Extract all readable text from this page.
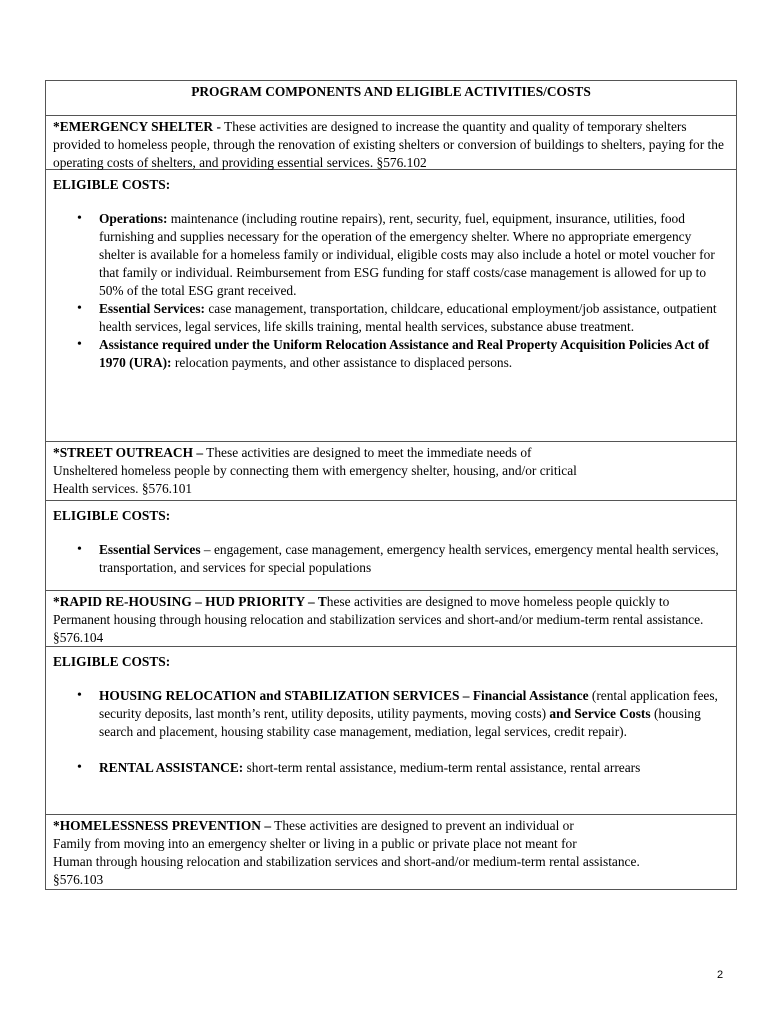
PROGRAM COMPONENTS AND ELIGIBLE ACTIVITIES/COSTS
*EMERGENCY SHELTER - These activities are designed to increase the quantity and quality of temporary shelters provided to homeless people, through the renovation of existing shelters or conversion of buildings to shelters, paying for the operating costs of shelters, and providing essential services. §576.102
ELIGIBLE COSTS:
• Operations: maintenance (including routine repairs), rent, security, fuel, equipment, insurance, utilities, food furnishing and supplies necessary for the operation of the emergency shelter. Where no appropriate emergency shelter is available for a homeless family or individual, eligible costs may also include a hotel or motel voucher for that family or individual. Reimbursement from ESG funding for staff costs/case management is allowed for up to 50% of the total ESG grant received.
• Essential Services: case management, transportation, childcare, educational employment/job assistance, outpatient health services, legal services, life skills training, mental health services, substance abuse treatment.
• Assistance required under the Uniform Relocation Assistance and Real Property Acquisition Policies Act of 1970 (URA): relocation payments, and other assistance to displaced persons.
*STREET OUTREACH – These activities are designed to meet the immediate needs of
Unsheltered homeless people by connecting them with emergency shelter, housing, and/or critical
Health services. §576.101
ELIGIBLE COSTS:
• Essential Services – engagement, case management, emergency health services, emergency mental health services, transportation, and services for special populations
*RAPID RE-HOUSING – HUD PRIORITY – These activities are designed to move homeless people quickly to Permanent housing through housing relocation and stabilization services and short-and/or medium-term rental assistance. §576.104
ELIGIBLE COSTS:
• HOUSING RELOCATION and STABILIZATION SERVICES – Financial Assistance (rental application fees, security deposits, last month’s rent, utility deposits, utility payments, moving costs) and Service Costs (housing search and placement, housing stability case management, mediation, legal services, credit repair).
• RENTAL ASSISTANCE: short-term rental assistance, medium-term rental assistance, rental arrears
*HOMELESSNESS PREVENTION – These activities are designed to prevent an individual or
Family from moving into an emergency shelter or living in a public or private place not meant for
Human through housing relocation and stabilization services and short-and/or medium-term rental assistance.
§576.103
2
